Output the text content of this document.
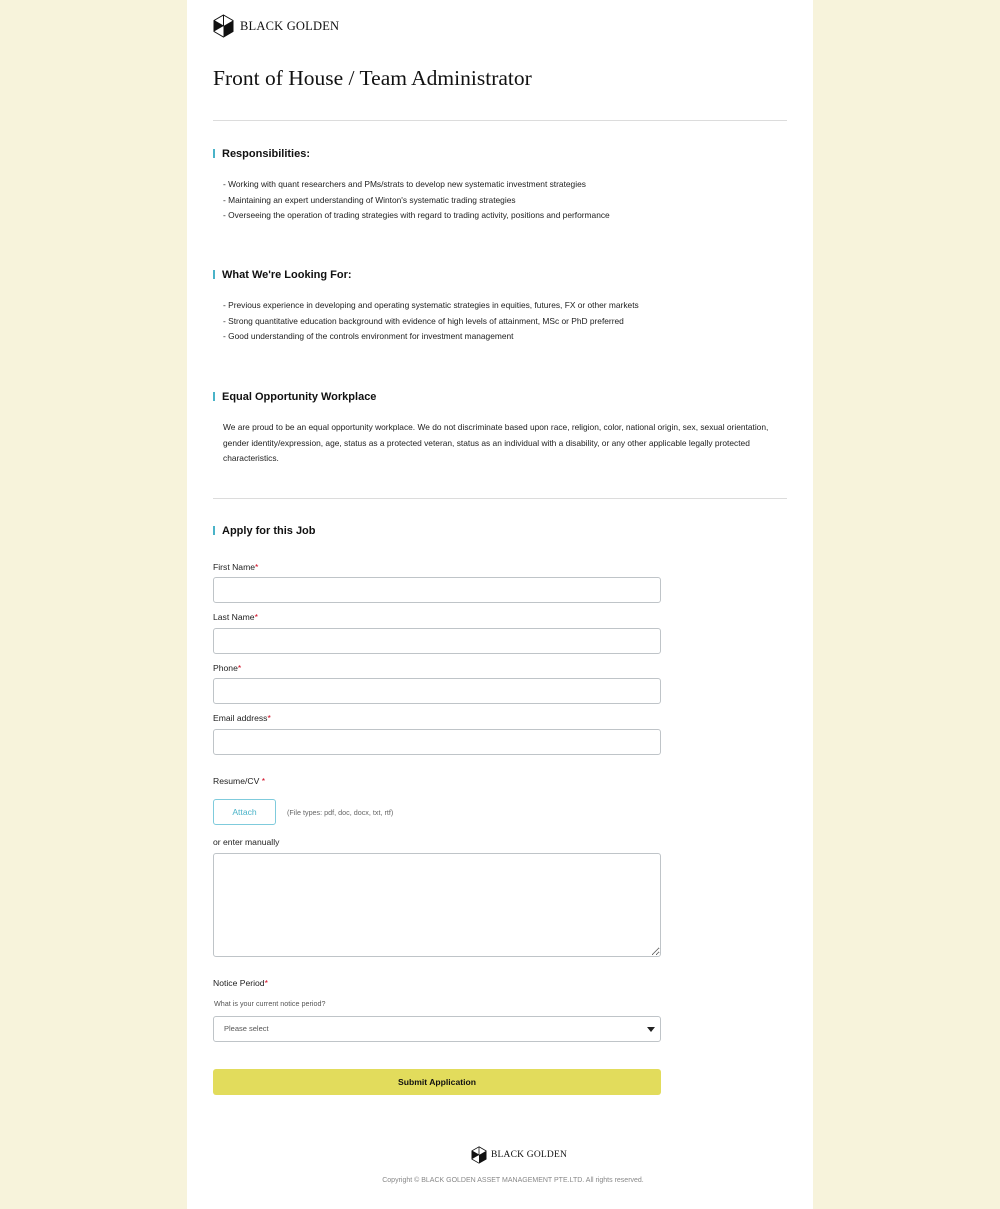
BLACK GOLDEN
Front of House / Team Administrator
Responsibilities:
- Working with quant researchers and PMs/strats to develop new systematic investment strategies
- Maintaining an expert understanding of Winton's systematic trading strategies
- Overseeing the operation of trading strategies with regard to trading activity, positions and performance
What We're Looking For:
- Previous experience in developing and operating systematic strategies in equities, futures, FX or other markets
- Strong quantitative education background with evidence of high levels of attainment, MSc or PhD preferred
- Good understanding of the controls environment for investment management
Equal Opportunity Workplace

We are proud to be an equal opportunity workplace. We do not discriminate based upon race, religion, color, national origin, sex, sexual orientation, gender identity/expression, age, status as a protected veteran, status as an individual with a disability, or any other applicable legally protected characteristics.

Apply for this Job
First Name*
Last Name*
Phone*
Email address*
Resume/CV *
Attach	(File types: pdf, doc, docx, txt, rtf)
or enter manually
Notice Period*
What is your current notice period?
Please select
Submit Application
BLACK GOLDEN
Copyright © BLACK GOLDEN ASSET MANAGEMENT PTE.LTD. All rights reserved.
